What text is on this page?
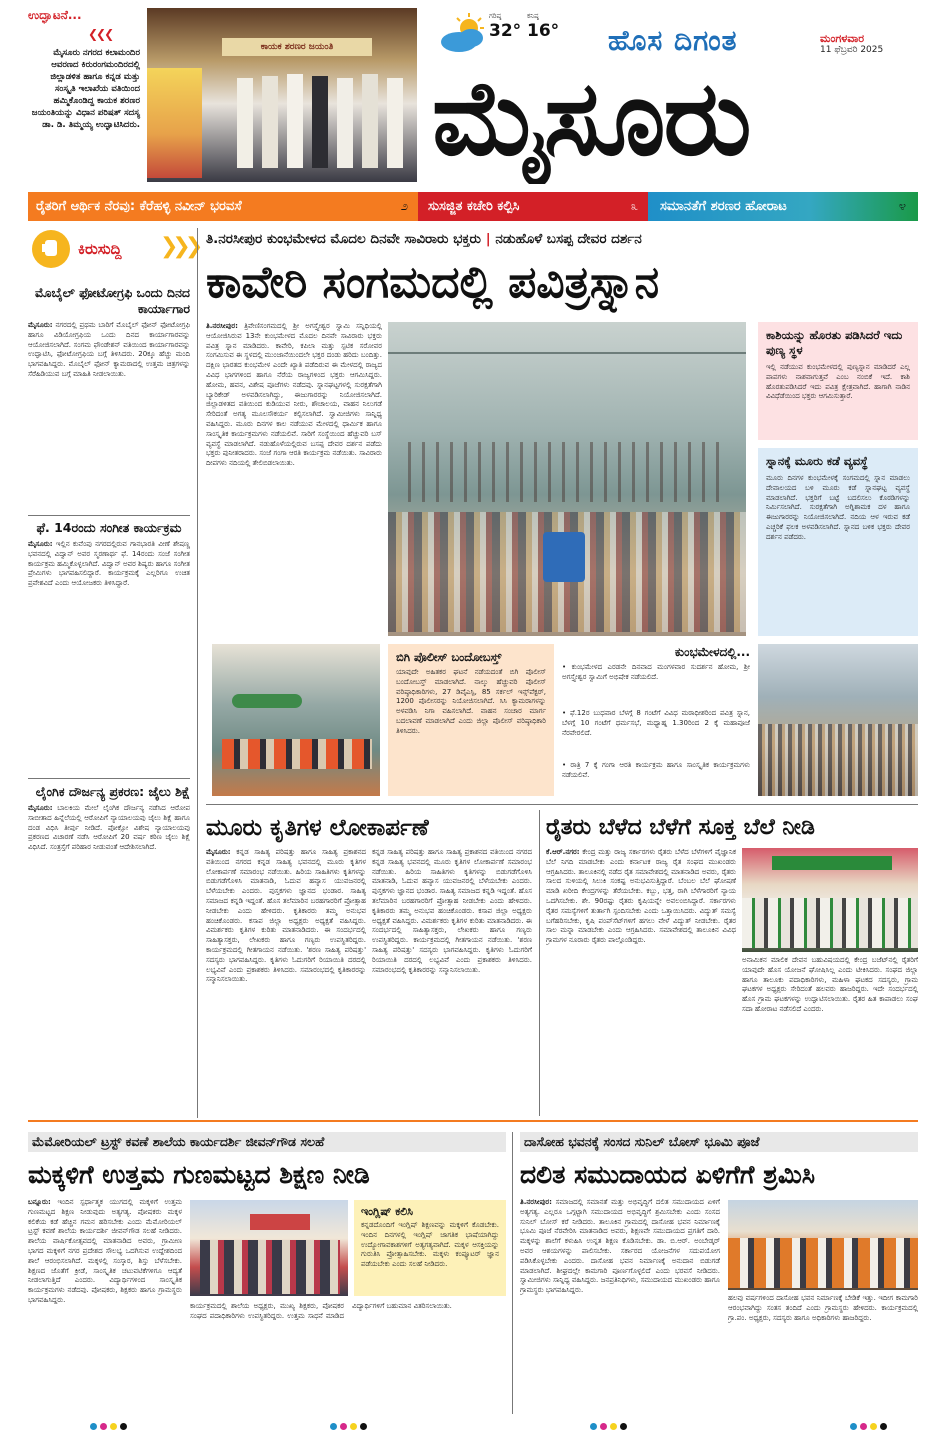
ಉದ್ಘಾಟನೆ...
❮❮❮
ಮೈಸೂರು ನಗರದ ಕಲಾಮಂದಿರ ಆವರಣದ ಕಿರುರಂಗಮಂದಿರದಲ್ಲಿ ಜಿಲ್ಲಾಡಳಿತ ಹಾಗೂ ಕನ್ನಡ ಮತ್ತು ಸಂಸ್ಕೃತಿ ಇಲಾಖೆಯ ವತಿಯಿಂದ ಹಮ್ಮಿಕೊಂಡಿದ್ದ ಕಾಯಕ ಶರಣರ ಜಯಂತಿಯನ್ನು ವಿಧಾನ ಪರಿಷತ್ ಸದಸ್ಯ ಡಾ. ಡಿ. ತಿಮ್ಮಯ್ಯ ಉದ್ಘಾಟಿಸಿದರು.
ಕಾಯಕ ಶರಣರ ಜಯಂತಿ
ಗರಿಷ್ಠ
32°
ಕನಿಷ್ಠ
16° ಹೊಸ ದಿಗಂತ	ಮಂಗಳವಾರ
11 ಫೆಬ್ರವರಿ 2025
ಮೈಸೂರು
ರೈತರಿಗೆ ಆರ್ಥಿಕ ನೆರವು: ಕೆರೆಹಳ್ಳಿ ನವೀನ್ ಭರವಸೆ	೨ ಸುಸಜ್ಜಿತ ಕಚೇರಿ ಕಲ್ಪಿಸಿ	೩ ಸಮಾನತೆಗೆ ಶರಣರ ಹೋರಾಟ	೪
ಕಿರುಸುದ್ದಿ ❯❯❯
ಮೊಬೈಲ್ ಫೋಟೋಗ್ರಫಿ ಒಂದು ದಿನದ ಕಾರ್ಯಾಗಾರ
ಮೈಸೂರು: ನಗರದಲ್ಲಿ ಪ್ರಥಮ ಬಾರಿಗೆ ಮೊಬೈಲ್ ಫೋನ್ ಫೋಟೋಗ್ರಫಿ ಹಾಗೂ ವಿಡಿಯೋಗ್ರಫಿಯ ಒಂದು ದಿನದ ಕಾರ್ಯಾಗಾರವನ್ನು ಆಯೋಜಿಸಲಾಗಿದೆ. ಸಂಗಮ ಫೌಂಡೇಶನ್ ವತಿಯಿಂದ ಕಾರ್ಯಾಗಾರವನ್ನು ಉದ್ಘಾಟಿಸಿ, ಫೋಟೋಗ್ರಫಿಯ ಬಗ್ಗೆ ತಿಳಿಸಿದರು. 20ಕ್ಕೂ ಹೆಚ್ಚು ಮಂದಿ ಭಾಗವಹಿಸಿದ್ದರು. ಮೊಬೈಲ್ ಫೋನ್ ಕ್ಯಾಮರಾದಲ್ಲಿ ಉತ್ತಮ ಚಿತ್ರಗಳನ್ನು ಸೆರೆಹಿಡಿಯುವ ಬಗ್ಗೆ ಮಾಹಿತಿ ನೀಡಲಾಯಿತು.
ಫೆ. 14ರಂದು ಸಂಗೀತ ಕಾರ್ಯಕ್ರಮ
ಮೈಸೂರು: ಇಲ್ಲಿನ ಕುವೆಂಪು ನಗರದಲ್ಲಿರುವ ಗಾನಭಾರತಿ ವೀಣೆ ಶೇಷಣ್ಣ ಭವನದಲ್ಲಿ ವಿದ್ವಾನ್ ಅವರ ಸ್ಮರಣಾರ್ಥ ಫೆ. 14ರಂದು ಸಂಜೆ ಸಂಗೀತ ಕಾರ್ಯಕ್ರಮ ಹಮ್ಮಿಕೊಳ್ಳಲಾಗಿದೆ. ವಿದ್ವಾನ್ ಅವರ ಶಿಷ್ಯರು ಹಾಗೂ ಸಂಗೀತ ಪ್ರೇಮಿಗಳು ಭಾಗವಹಿಸಲಿದ್ದಾರೆ. ಕಾರ್ಯಕ್ರಮಕ್ಕೆ ಎಲ್ಲರಿಗೂ ಉಚಿತ ಪ್ರವೇಶವಿದೆ ಎಂದು ಆಯೋಜಕರು ತಿಳಿಸಿದ್ದಾರೆ.
ಲೈಂಗಿಕ ದೌರ್ಜನ್ಯ ಪ್ರಕರಣ: ಜೈಲು ಶಿಕ್ಷೆ
ಮೈಸೂರು: ಬಾಲಕಿಯ ಮೇಲೆ ಲೈಂಗಿಕ ದೌರ್ಜನ್ಯ ನಡೆಸಿದ ಆರೋಪ ಸಾಬೀತಾದ ಹಿನ್ನೆಲೆಯಲ್ಲಿ ಆರೋಪಿಗೆ ನ್ಯಾಯಾಲಯವು ಜೈಲು ಶಿಕ್ಷೆ ಹಾಗೂ ದಂಡ ವಿಧಿಸಿ ತೀರ್ಪು ನೀಡಿದೆ. ಪೋಕ್ಸೋ ವಿಶೇಷ ನ್ಯಾಯಾಲಯವು ಪ್ರಕರಣದ ವಿಚಾರಣೆ ನಡೆಸಿ ಆರೋಪಿಗೆ 20 ವರ್ಷ ಕಠಿಣ ಜೈಲು ಶಿಕ್ಷೆ ವಿಧಿಸಿದೆ. ಸಂತ್ರಸ್ತೆಗೆ ಪರಿಹಾರ ನೀಡುವಂತೆ ಆದೇಶಿಸಲಾಗಿದೆ.
ತಿ.ನರಸೀಪುರ ಕುಂಭಮೇಳದ ಮೊದಲ ದಿನವೇ ಸಾವಿರಾರು ಭಕ್ತರು | ನಡುಹೊಳೆ ಬಸಪ್ಪ ದೇವರ ದರ್ಶನ
ಕಾವೇರಿ ಸಂಗಮದಲ್ಲಿ ಪವಿತ್ರಸ್ನಾನ
ತಿ.ನರಸೀಪುರ: ತ್ರಿವೇಣಿಸಂಗಮದಲ್ಲಿ ಶ್ರೀ ಅಗಸ್ತ್ಯೇಶ್ವರ ಸ್ವಾಮಿ ಸನ್ನಿಧಿಯಲ್ಲಿ ಆಯೋಜಿಸಿರುವ 13ನೇ ಕುಂಭಮೇಳದ ಮೊದಲ ದಿನವೇ ಸಾವಿರಾರು ಭಕ್ತರು ಪವಿತ್ರ ಸ್ನಾನ ಮಾಡಿದರು. ಕಾವೇರಿ, ಕಪಿಲಾ ಮತ್ತು ಸ್ಪಟಿಕ ಸರೋವರ ಸಂಗಮಿಸುವ ಈ ಸ್ಥಳದಲ್ಲಿ ಮುಂಜಾನೆಯಿಂದಲೇ ಭಕ್ತರ ದಂಡು ಹರಿದು ಬಂದಿತ್ತು. ದಕ್ಷಿಣ ಭಾರತದ ಕುಂಭಮೇಳ ಎಂದೇ ಖ್ಯಾತಿ ಪಡೆದಿರುವ ಈ ಮೇಳದಲ್ಲಿ ರಾಜ್ಯದ ವಿವಿಧ ಭಾಗಗಳಿಂದ ಹಾಗೂ ನೆರೆಯ ರಾಜ್ಯಗಳಿಂದ ಭಕ್ತರು ಆಗಮಿಸಿದ್ದರು. ಹೋಮ, ಹವನ, ವಿಶೇಷ ಪೂಜೆಗಳು ನಡೆದವು. ಸ್ನಾನಘಟ್ಟಗಳಲ್ಲಿ ಸುರಕ್ಷತೆಗಾಗಿ ಬ್ಯಾರಿಕೇಡ್ ಅಳವಡಿಸಲಾಗಿದ್ದು, ಈಜುಗಾರರನ್ನು ನಿಯೋಜಿಸಲಾಗಿದೆ. ಜಿಲ್ಲಾಡಳಿತದ ವತಿಯಿಂದ ಕುಡಿಯುವ ನೀರು, ಶೌಚಾಲಯ, ವಾಹನ ನಿಲುಗಡೆ ಸೇರಿದಂತೆ ಅಗತ್ಯ ಮೂಲಸೌಕರ್ಯ ಕಲ್ಪಿಸಲಾಗಿದೆ. ಸ್ವಾಮೀಜಿಗಳು ಸಾನ್ನಿಧ್ಯ ವಹಿಸಿದ್ದರು. ಮೂರು ದಿನಗಳ ಕಾಲ ನಡೆಯುವ ಮೇಳದಲ್ಲಿ ಧಾರ್ಮಿಕ ಹಾಗೂ ಸಾಂಸ್ಕೃತಿಕ ಕಾರ್ಯಕ್ರಮಗಳು ನಡೆಯಲಿವೆ. ಸಾರಿಗೆ ಸಂಸ್ಥೆಯಿಂದ ಹೆಚ್ಚುವರಿ ಬಸ್ ವ್ಯವಸ್ಥೆ ಮಾಡಲಾಗಿದೆ. ನಡುಹೊಳೆಯಲ್ಲಿರುವ ಬಸಪ್ಪ ದೇವರ ದರ್ಶನ ಪಡೆದು ಭಕ್ತರು ಪುನೀತರಾದರು. ಸಂಜೆ ಗಂಗಾ ಆರತಿ ಕಾರ್ಯಕ್ರಮ ನಡೆಯಿತು. ಸಾವಿರಾರು ದೀಪಗಳು ನದಿಯಲ್ಲಿ ತೇಲಿಬಿಡಲಾಯಿತು.
ಕಾಶಿಯನ್ನು ಹೊರತು ಪಡಿಸಿದರೆ ಇದು ಪುಣ್ಯ ಸ್ಥಳ
ಇಲ್ಲಿ ನಡೆಯುವ ಕುಂಭಮೇಳದಲ್ಲಿ ಪುಣ್ಯಸ್ನಾನ ಮಾಡಿದರೆ ಎಲ್ಲ ಪಾಪಗಳು ನಾಶವಾಗುತ್ತವೆ ಎಂಬ ನಂಬಿಕೆ ಇದೆ. ಕಾಶಿ ಹೊರತುಪಡಿಸಿದರೆ ಇದು ಪವಿತ್ರ ಕ್ಷೇತ್ರವಾಗಿದೆ. ಹಾಗಾಗಿ ನಾಡಿನ ವಿವಿಧೆಡೆಯಿಂದ ಭಕ್ತರು ಆಗಮಿಸುತ್ತಾರೆ.
ಸ್ನಾನಕ್ಕೆ ಮೂರು ಕಡೆ ವ್ಯವಸ್ಥೆ
ಮೂರು ದಿನಗಳ ಕುಂಭಮೇಳಕ್ಕೆ ಸಂಗಮದಲ್ಲಿ ಸ್ನಾನ ಮಾಡಲು ದೇವಾಲಯದ ಬಳಿ ಮೂರು ಕಡೆ ಸ್ನಾನಘಟ್ಟ ವ್ಯವಸ್ಥೆ ಮಾಡಲಾಗಿದೆ. ಭಕ್ತರಿಗೆ ಬಟ್ಟೆ ಬದಲಿಸಲು ಕೊಠಡಿಗಳನ್ನು ನಿರ್ಮಿಸಲಾಗಿದೆ. ಸುರಕ್ಷತೆಗಾಗಿ ಅಗ್ನಿಶಾಮಕ ದಳ ಹಾಗೂ ಈಜುಗಾರರನ್ನು ನಿಯೋಜಿಸಲಾಗಿದೆ. ನದಿಯ ಆಳ ಇರುವ ಕಡೆ ಎಚ್ಚರಿಕೆ ಫಲಕ ಅಳವಡಿಸಲಾಗಿದೆ. ಸ್ನಾನದ ಬಳಿಕ ಭಕ್ತರು ದೇವರ ದರ್ಶನ ಪಡೆದರು.
ಬಿಗಿ ಪೊಲೀಸ್ ಬಂದೋಬಸ್ತ್
ಯಾವುದೇ ಅಹಿತಕರ ಘಟನೆ ನಡೆಯದಂತೆ ಬಿಗಿ ಪೊಲೀಸ್ ಬಂದೋಬಸ್ತ್ ಮಾಡಲಾಗಿದೆ. ನಾಲ್ಕು ಹೆಚ್ಚುವರಿ ಪೊಲೀಸ್ ವರಿಷ್ಠಾಧಿಕಾರಿಗಳು, 27 ಡಿವೈಎಸ್ಪಿ, 85 ಸರ್ಕಲ್ ಇನ್ಸ್‌ಪೆಕ್ಟರ್, 1200 ಪೊಲೀಸರನ್ನು ನಿಯೋಜಿಸಲಾಗಿದೆ. ಸಿಸಿ ಕ್ಯಾಮರಾಗಳನ್ನು ಅಳವಡಿಸಿ ನಿಗಾ ವಹಿಸಲಾಗಿದೆ. ವಾಹನ ಸಂಚಾರ ಮಾರ್ಗ ಬದಲಾವಣೆ ಮಾಡಲಾಗಿದೆ ಎಂದು ಜಿಲ್ಲಾ ಪೊಲೀಸ್ ವರಿಷ್ಠಾಧಿಕಾರಿ ತಿಳಿಸಿದರು.
ಕುಂಭಮೇಳದಲ್ಲಿ...
• ಕುಂಭಮೇಳದ ಎರಡನೇ ದಿನವಾದ ಮಂಗಳವಾರ ಸುದರ್ಶನ ಹೋಮ, ಶ್ರೀ ಅಗಸ್ತ್ಯೇಶ್ವರ ಸ್ವಾಮಿಗೆ ಅಭಿಷೇಕ ನಡೆಯಲಿದೆ.
• ಫೆ.12ರ ಬುಧವಾರ ಬೆಳಗ್ಗೆ 8 ಗಂಟೆಗೆ ವಿವಿಧ ಮಠಾಧೀಶರಿಂದ ಪವಿತ್ರ ಸ್ನಾನ, ಬೆಳಗ್ಗೆ 10 ಗಂಟೆಗೆ ಧರ್ಮಸಭೆ, ಮಧ್ಯಾಹ್ನ 1.30ರಿಂದ 2 ಕ್ಕೆ ಮಹಾಪೂಜೆ ನೆರವೇರಲಿದೆ.
• ರಾತ್ರಿ 7 ಕ್ಕೆ ಗಂಗಾ ಆರತಿ ಕಾರ್ಯಕ್ರಮ ಹಾಗೂ ಸಾಂಸ್ಕೃತಿಕ ಕಾರ್ಯಕ್ರಮಗಳು ನಡೆಯಲಿವೆ.
ಮೂರು ಕೃತಿಗಳ ಲೋಕಾರ್ಪಣೆ
ಮೈಸೂರು: ಕನ್ನಡ ಸಾಹಿತ್ಯ ಪರಿಷತ್ತು ಹಾಗೂ ಸಾಹಿತ್ಯ ಪ್ರಕಾಶನದ ವತಿಯಿಂದ ನಗರದ ಕನ್ನಡ ಸಾಹಿತ್ಯ ಭವನದಲ್ಲಿ ಮೂರು ಕೃತಿಗಳ ಲೋಕಾರ್ಪಣೆ ಸಮಾರಂಭ ನಡೆಯಿತು. ಹಿರಿಯ ಸಾಹಿತಿಗಳು ಕೃತಿಗಳನ್ನು ಬಿಡುಗಡೆಗೊಳಿಸಿ ಮಾತನಾಡಿ, ಓದುವ ಹವ್ಯಾಸ ಯುವಜನರಲ್ಲಿ ಬೆಳೆಯಬೇಕು ಎಂದರು. ಪುಸ್ತಕಗಳು ಜ್ಞಾನದ ಭಂಡಾರ. ಸಾಹಿತ್ಯ ಸಮಾಜದ ಕನ್ನಡಿ ಇದ್ದಂತೆ. ಹೊಸ ತಲೆಮಾರಿನ ಬರಹಗಾರರಿಗೆ ಪ್ರೋತ್ಸಾಹ ನೀಡಬೇಕು ಎಂದು ಹೇಳಿದರು. ಕೃತಿಕಾರರು ತಮ್ಮ ಅನುಭವ ಹಂಚಿಕೊಂಡರು. ಕಸಾಪ ಜಿಲ್ಲಾ ಅಧ್ಯಕ್ಷರು ಅಧ್ಯಕ್ಷತೆ ವಹಿಸಿದ್ದರು. ವಿಮರ್ಶಕರು ಕೃತಿಗಳ ಕುರಿತು ಮಾತನಾಡಿದರು. ಈ ಸಂದರ್ಭದಲ್ಲಿ ಸಾಹಿತ್ಯಾಸಕ್ತರು, ಲೇಖಕರು ಹಾಗೂ ಗಣ್ಯರು ಉಪಸ್ಥಿತರಿದ್ದರು. ಕಾರ್ಯಕ್ರಮದಲ್ಲಿ ಗೀತಗಾಯನ ನಡೆಯಿತು. 'ಶರಣ ಸಾಹಿತ್ಯ ಪರಿಷತ್ತು' ಸದಸ್ಯರು ಭಾಗವಹಿಸಿದ್ದರು. ಕೃತಿಗಳು ಓದುಗರಿಗೆ ರಿಯಾಯಿತಿ ದರದಲ್ಲಿ ಲಭ್ಯವಿವೆ ಎಂದು ಪ್ರಕಾಶಕರು ತಿಳಿಸಿದರು. ಸಮಾರಂಭದಲ್ಲಿ ಕೃತಿಕಾರರನ್ನು ಸನ್ಮಾನಿಸಲಾಯಿತು.
ಕನ್ನಡ ಸಾಹಿತ್ಯ ಪರಿಷತ್ತು ಹಾಗೂ ಸಾಹಿತ್ಯ ಪ್ರಕಾಶನದ ವತಿಯಿಂದ ನಗರದ ಕನ್ನಡ ಸಾಹಿತ್ಯ ಭವನದಲ್ಲಿ ಮೂರು ಕೃತಿಗಳ ಲೋಕಾರ್ಪಣೆ ಸಮಾರಂಭ ನಡೆಯಿತು. ಹಿರಿಯ ಸಾಹಿತಿಗಳು ಕೃತಿಗಳನ್ನು ಬಿಡುಗಡೆಗೊಳಿಸಿ ಮಾತನಾಡಿ, ಓದುವ ಹವ್ಯಾಸ ಯುವಜನರಲ್ಲಿ ಬೆಳೆಯಬೇಕು ಎಂದರು. ಪುಸ್ತಕಗಳು ಜ್ಞಾನದ ಭಂಡಾರ. ಸಾಹಿತ್ಯ ಸಮಾಜದ ಕನ್ನಡಿ ಇದ್ದಂತೆ. ಹೊಸ ತಲೆಮಾರಿನ ಬರಹಗಾರರಿಗೆ ಪ್ರೋತ್ಸಾಹ ನೀಡಬೇಕು ಎಂದು ಹೇಳಿದರು. ಕೃತಿಕಾರರು ತಮ್ಮ ಅನುಭವ ಹಂಚಿಕೊಂಡರು. ಕಸಾಪ ಜಿಲ್ಲಾ ಅಧ್ಯಕ್ಷರು ಅಧ್ಯಕ್ಷತೆ ವಹಿಸಿದ್ದರು. ವಿಮರ್ಶಕರು ಕೃತಿಗಳ ಕುರಿತು ಮಾತನಾಡಿದರು. ಈ ಸಂದರ್ಭದಲ್ಲಿ ಸಾಹಿತ್ಯಾಸಕ್ತರು, ಲೇಖಕರು ಹಾಗೂ ಗಣ್ಯರು ಉಪಸ್ಥಿತರಿದ್ದರು. ಕಾರ್ಯಕ್ರಮದಲ್ಲಿ ಗೀತಗಾಯನ ನಡೆಯಿತು. 'ಶರಣ ಸಾಹಿತ್ಯ ಪರಿಷತ್ತು' ಸದಸ್ಯರು ಭಾಗವಹಿಸಿದ್ದರು. ಕೃತಿಗಳು ಓದುಗರಿಗೆ ರಿಯಾಯಿತಿ ದರದಲ್ಲಿ ಲಭ್ಯವಿವೆ ಎಂದು ಪ್ರಕಾಶಕರು ತಿಳಿಸಿದರು. ಸಮಾರಂಭದಲ್ಲಿ ಕೃತಿಕಾರರನ್ನು ಸನ್ಮಾನಿಸಲಾಯಿತು.
ರೈತರು ಬೆಳೆದ ಬೆಳೆಗೆ ಸೂಕ್ತ ಬೆಲೆ ನೀಡಿ
ಕೆ.ಆರ್.ನಗರ: ಕೇಂದ್ರ ಮತ್ತು ರಾಜ್ಯ ಸರ್ಕಾರಗಳು ರೈತರು ಬೆಳೆದ ಬೆಳೆಗಳಿಗೆ ವೈಜ್ಞಾನಿಕ ಬೆಲೆ ನಿಗದಿ ಮಾಡಬೇಕು ಎಂದು ಕರ್ನಾಟಕ ರಾಜ್ಯ ರೈತ ಸಂಘದ ಮುಖಂಡರು ಆಗ್ರಹಿಸಿದರು. ತಾಲೂಕಿನಲ್ಲಿ ನಡೆದ ರೈತ ಸಮಾವೇಶದಲ್ಲಿ ಮಾತನಾಡಿದ ಅವರು, ರೈತರು ಸಾಲದ ಸುಳಿಯಲ್ಲಿ ಸಿಲುಕಿ ಸಂಕಷ್ಟ ಅನುಭವಿಸುತ್ತಿದ್ದಾರೆ. ಬೆಂಬಲ ಬೆಲೆ ಘೋಷಣೆ ಮಾಡಿ ಖರೀದಿ ಕೇಂದ್ರಗಳನ್ನು ತೆರೆಯಬೇಕು. ಕಬ್ಬು, ಭತ್ತ, ರಾಗಿ ಬೆಳೆಗಾರರಿಗೆ ನ್ಯಾಯ ಒದಗಿಸಬೇಕು. ಶೇ. 90ರಷ್ಟು ರೈತರು ಕೃಷಿಯನ್ನೇ ಅವಲಂಬಿಸಿದ್ದಾರೆ. ಸರ್ಕಾರಗಳು ರೈತರ ಸಮಸ್ಯೆಗಳಿಗೆ ತುರ್ತಾಗಿ ಸ್ಪಂದಿಸಬೇಕು ಎಂದು ಒತ್ತಾಯಿಸಿದರು. ವಿದ್ಯುತ್ ಸಮಸ್ಯೆ ಬಗೆಹರಿಸಬೇಕು, ಕೃಷಿ ಪಂಪ್‌ಸೆಟ್‌ಗಳಿಗೆ ಹಗಲು ವೇಳೆ ವಿದ್ಯುತ್ ನೀಡಬೇಕು. ರೈತರ ಸಾಲ ಮನ್ನಾ ಮಾಡಬೇಕು ಎಂದು ಆಗ್ರಹಿಸಿದರು. ಸಮಾವೇಶದಲ್ಲಿ ತಾಲೂಕಿನ ವಿವಿಧ ಗ್ರಾಮಗಳ ನೂರಾರು ರೈತರು ಪಾಲ್ಗೊಂಡಿದ್ದರು.
ಅನಾಮಿಕನ ಮಾಲಿಕ ದೇವನ ಬಹುವಿಷಯದಲ್ಲಿ ಕೇಂದ್ರ ಬಜೆಟ್‌ನಲ್ಲಿ ರೈತರಿಗೆ ಯಾವುದೇ ಹೊಸ ಯೋಜನೆ ಘೋಷಿಸಿಲ್ಲ ಎಂದು ಟೀಕಿಸಿದರು. ಸಂಘದ ಜಿಲ್ಲಾ ಹಾಗೂ ತಾಲೂಕು ಪದಾಧಿಕಾರಿಗಳು, ಮಹಿಳಾ ಘಟಕದ ಸದಸ್ಯರು, ಗ್ರಾಮ ಘಟಕಗಳ ಅಧ್ಯಕ್ಷರು ಸೇರಿದಂತೆ ಹಲವರು ಹಾಜರಿದ್ದರು. ಇದೇ ಸಂದರ್ಭದಲ್ಲಿ ಹೊಸ ಗ್ರಾಮ ಘಟಕಗಳನ್ನು ಉದ್ಘಾಟಿಸಲಾಯಿತು. ರೈತರ ಹಿತ ಕಾಪಾಡಲು ಸಂಘ ಸದಾ ಹೋರಾಟ ನಡೆಸಲಿದೆ ಎಂದರು.
ಮೆಮೋರಿಯಲ್ ಟ್ರಸ್ಟ್ ಕವಣೆ ಶಾಲೆಯ ಕಾರ್ಯದರ್ಶಿ ಜೀವನ್‌ಗೌಡ ಸಲಹೆ
ಮಕ್ಕಳಿಗೆ ಉತ್ತಮ ಗುಣಮಟ್ಟದ ಶಿಕ್ಷಣ ನೀಡಿ
ಬನ್ನೂರು: ಇಂದಿನ ಸ್ಪರ್ಧಾತ್ಮಕ ಯುಗದಲ್ಲಿ ಮಕ್ಕಳಿಗೆ ಉತ್ತಮ ಗುಣಮಟ್ಟದ ಶಿಕ್ಷಣ ನೀಡುವುದು ಅತ್ಯಗತ್ಯ. ಪೋಷಕರು ಮಕ್ಕಳ ಕಲಿಕೆಯ ಕಡೆ ಹೆಚ್ಚಿನ ಗಮನ ಹರಿಸಬೇಕು ಎಂದು ಮೆಮೋರಿಯಲ್ ಟ್ರಸ್ಟ್ ಕವಣೆ ಶಾಲೆಯ ಕಾರ್ಯದರ್ಶಿ ಜೀವನ್‌ಗೌಡ ಸಲಹೆ ನೀಡಿದರು. ಶಾಲೆಯ ವಾರ್ಷಿಕೋತ್ಸವದಲ್ಲಿ ಮಾತನಾಡಿದ ಅವರು, ಗ್ರಾಮೀಣ ಭಾಗದ ಮಕ್ಕಳಿಗೆ ನಗರ ಪ್ರದೇಶದ ಸೌಲಭ್ಯ ಒದಗಿಸುವ ಉದ್ದೇಶದಿಂದ ಶಾಲೆ ಆರಂಭಿಸಲಾಗಿದೆ. ಮಕ್ಕಳಲ್ಲಿ ಸಂಸ್ಕಾರ, ಶಿಸ್ತು ಬೆಳೆಸಬೇಕು. ಶಿಕ್ಷಣದ ಜೊತೆಗೆ ಕ್ರೀಡೆ, ಸಾಂಸ್ಕೃತಿಕ ಚಟುವಟಿಕೆಗಳಿಗೂ ಆದ್ಯತೆ ನೀಡಲಾಗುತ್ತಿದೆ ಎಂದರು. ವಿದ್ಯಾರ್ಥಿಗಳಿಂದ ಸಾಂಸ್ಕೃತಿಕ ಕಾರ್ಯಕ್ರಮಗಳು ನಡೆದವು. ಪೋಷಕರು, ಶಿಕ್ಷಕರು ಹಾಗೂ ಗ್ರಾಮಸ್ಥರು ಭಾಗವಹಿಸಿದ್ದರು.
ಇಂಗ್ಲಿಷ್ ಕಲಿಸಿ
ಕನ್ನಡದೊಂದಿಗೆ ಇಂಗ್ಲಿಷ್ ಶಿಕ್ಷಣವನ್ನು ಮಕ್ಕಳಿಗೆ ಕೊಡಬೇಕು. ಇಂದಿನ ದಿನಗಳಲ್ಲಿ ಇಂಗ್ಲಿಷ್ ಜಾಗತಿಕ ಭಾಷೆಯಾಗಿದ್ದು ಉದ್ಯೋಗಾವಕಾಶಗಳಿಗೆ ಅತ್ಯಗತ್ಯವಾಗಿದೆ. ಮಕ್ಕಳ ಆಸಕ್ತಿಯನ್ನು ಗುರುತಿಸಿ ಪ್ರೋತ್ಸಾಹಿಸಬೇಕು. ಮಕ್ಕಳು ಕಂಪ್ಯೂಟರ್ ಜ್ಞಾನ ಪಡೆಯಬೇಕು ಎಂದು ಸಲಹೆ ನೀಡಿದರು.
ಕಾರ್ಯಕ್ರಮದಲ್ಲಿ ಶಾಲೆಯ ಅಧ್ಯಕ್ಷರು, ಮುಖ್ಯ ಶಿಕ್ಷಕರು, ಪೋಷಕರ ಸಂಘದ ಪದಾಧಿಕಾರಿಗಳು ಉಪಸ್ಥಿತರಿದ್ದರು. ಉತ್ತಮ ಸಾಧನೆ ಮಾಡಿದ ವಿದ್ಯಾರ್ಥಿಗಳಿಗೆ ಬಹುಮಾನ ವಿತರಿಸಲಾಯಿತು.
ದಾಸೋಹ ಭವನಕ್ಕೆ ಸಂಸದ ಸುನಿಲ್ ಬೋಸ್ ಭೂಮಿ ಪೂಜೆ
ದಲಿತ ಸಮುದಾಯದ ಏಳಿಗೆಗೆ ಶ್ರಮಿಸಿ
ತಿ.ನರಸೀಪುರ: ಸಮಾಜದಲ್ಲಿ ಸಮಾನತೆ ಮತ್ತು ಅಭಿವೃದ್ಧಿಗೆ ದಲಿತ ಸಮುದಾಯದ ಏಳಿಗೆ ಅತ್ಯಗತ್ಯ. ಎಲ್ಲರೂ ಒಗ್ಗಟ್ಟಾಗಿ ಸಮುದಾಯದ ಅಭಿವೃದ್ಧಿಗೆ ಶ್ರಮಿಸಬೇಕು ಎಂದು ಸಂಸದ ಸುನಿಲ್ ಬೋಸ್ ಕರೆ ನೀಡಿದರು. ತಾಲೂಕಿನ ಗ್ರಾಮದಲ್ಲಿ ದಾಸೋಹ ಭವನ ನಿರ್ಮಾಣಕ್ಕೆ ಭೂಮಿ ಪೂಜೆ ನೆರವೇರಿಸಿ ಮಾತನಾಡಿದ ಅವರು, ಶಿಕ್ಷಣವೇ ಸಮುದಾಯದ ಪ್ರಗತಿಗೆ ದಾರಿ. ಮಕ್ಕಳನ್ನು ಶಾಲೆಗೆ ಕಳುಹಿಸಿ ಉನ್ನತ ಶಿಕ್ಷಣ ಕೊಡಿಸಬೇಕು. ಡಾ. ಬಿ.ಆರ್. ಅಂಬೇಡ್ಕರ್ ಅವರ ಆಶಯಗಳನ್ನು ಪಾಲಿಸಬೇಕು. ಸರ್ಕಾರದ ಯೋಜನೆಗಳ ಸದುಪಯೋಗ ಪಡಿಸಿಕೊಳ್ಳಬೇಕು ಎಂದರು. ದಾಸೋಹ ಭವನ ನಿರ್ಮಾಣಕ್ಕೆ ಅನುದಾನ ಬಿಡುಗಡೆ ಮಾಡಲಾಗಿದೆ. ಶೀಘ್ರದಲ್ಲೇ ಕಾಮಗಾರಿ ಪೂರ್ಣಗೊಳ್ಳಲಿದೆ ಎಂದು ಭರವಸೆ ನೀಡಿದರು. ಸ್ವಾಮೀಜಿಗಳು ಸಾನ್ನಿಧ್ಯ ವಹಿಸಿದ್ದರು. ಜನಪ್ರತಿನಿಧಿಗಳು, ಸಮುದಾಯದ ಮುಖಂಡರು ಹಾಗೂ ಗ್ರಾಮಸ್ಥರು ಭಾಗವಹಿಸಿದ್ದರು.
ಹಲವು ವರ್ಷಗಳಿಂದ ದಾಸೋಹ ಭವನ ನಿರ್ಮಾಣಕ್ಕೆ ಬೇಡಿಕೆ ಇತ್ತು. ಇದೀಗ ಕಾಮಗಾರಿ ಆರಂಭವಾಗಿದ್ದು ಸಂತಸ ತಂದಿದೆ ಎಂದು ಗ್ರಾಮಸ್ಥರು ಹೇಳಿದರು. ಕಾರ್ಯಕ್ರಮದಲ್ಲಿ ಗ್ರಾ.ಪಂ. ಅಧ್ಯಕ್ಷರು, ಸದಸ್ಯರು ಹಾಗೂ ಅಧಿಕಾರಿಗಳು ಹಾಜರಿದ್ದರು.
